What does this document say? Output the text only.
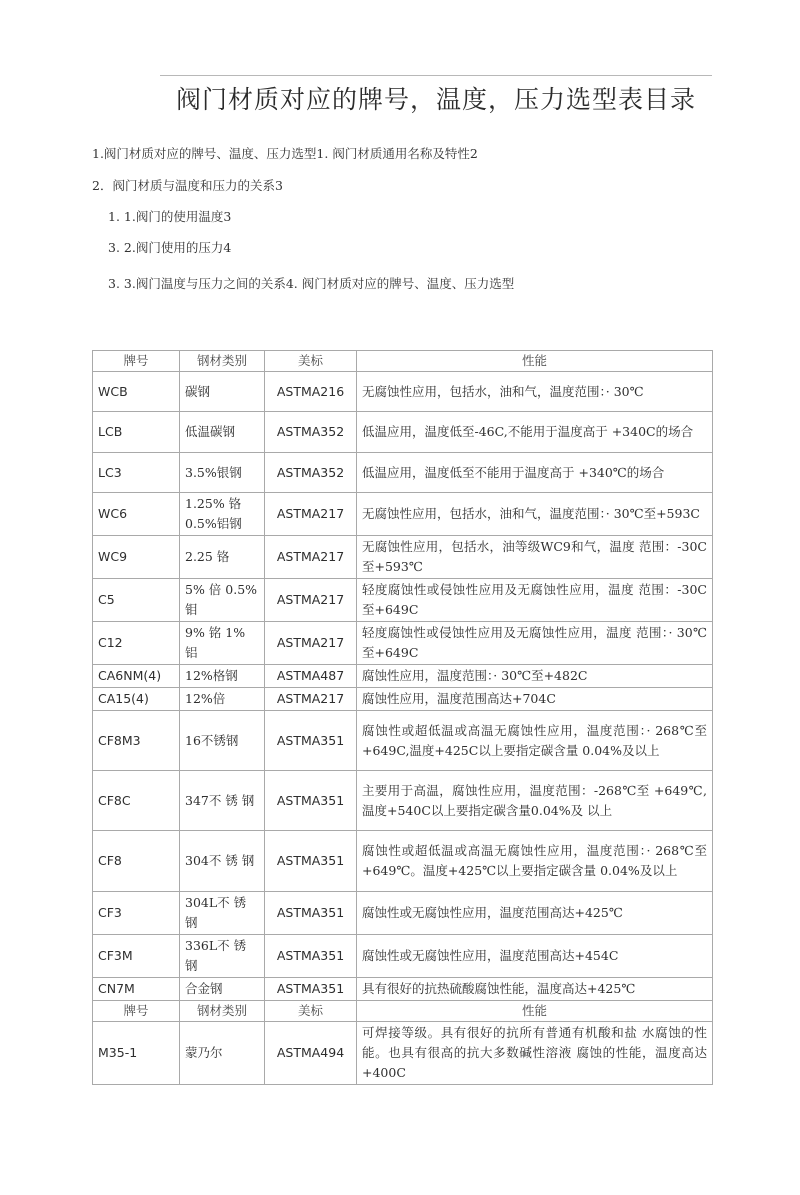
阀门材质对应的牌号，温度，压力选型表目录
1.阀门材质对应的牌号、温度、压力选型1. 阀门材质通用名称及特性2
2．阀门材质与温度和压力的关系3
1. 1.阀门的使用温度3
3. 2.阀门使用的压力4
3. 3.阀门温度与压力之间的关系4. 阀门材质对应的牌号、温度、压力选型
牌号	钢材类别	美标	性能
WCB	碳钢	ASTMA216	无腐蚀性应用，包括水，油和气，温度范围：· 30℃
LCB	低温碳钢	ASTMA352	低温应用，温度低至-46C,不能用于温度高于 +340C的场合
LC3	3.5%银钢	ASTMA352	低温应用，温度低至不能用于温度高于 +340℃的场合
WC6	1.25% 铬 0.5%铝钢	ASTMA217	无腐蚀性应用，包括水，油和气，温度范围：· 30℃至+593C
WC9	2.25 铬	ASTMA217	无腐蚀性应用，包括水，油等级WC9和气，温度 范围：-30C至+593℃
C5	5% 倍 0.5% 钼	ASTMA217	轻度腐蚀性或侵蚀性应用及无腐蚀性应用，温度 范围：-30C至+649C
C12	9% 铭 1% 铝	ASTMA217	轻度腐蚀性或侵蚀性应用及无腐蚀性应用，温度 范围：· 30℃至+649C
CA6NM(4)	12%格钢	ASTMA487	腐蚀性应用，温度范围：· 30℃至+482C
CA15(4)	12%倍	ASTMA217	腐蚀性应用，温度范围高达+704C
CF8M3	16不锈钢	ASTMA351	腐蚀性或超低温或高温无腐蚀性应用，温度范围：· 268℃至+649C,温度+425C以上要指定碳含量 0.04%及以上
CF8C	347不 锈 钢	ASTMA351	主要用于高温，腐蚀性应用，温度范围：-268℃至 +649℃,温度+540C以上要指定碳含量0.04%及 以上
CF8	304不 锈 钢	ASTMA351	腐蚀性或超低温或高温无腐蚀性应用，温度范围：· 268℃至+649℃。温度+425℃以上要指定碳含量 0.04%及以上
CF3	304L不 锈 钢	ASTMA351	腐蚀性或无腐蚀性应用，温度范围高达+425℃
CF3M	336L不 锈 钢	ASTMA351	腐蚀性或无腐蚀性应用，温度范围高达+454C
CN7M	合金钢	ASTMA351	具有很好的抗热硫酸腐蚀性能，温度高达+425℃
牌号	钢材类别	美标	性能
M35-1	蒙乃尔	ASTMA494	可焊接等级。具有很好的抗所有普通有机酸和盐 水腐蚀的性能。也具有很高的抗大多数碱性溶液 腐蚀的性能，温度高达+400C
